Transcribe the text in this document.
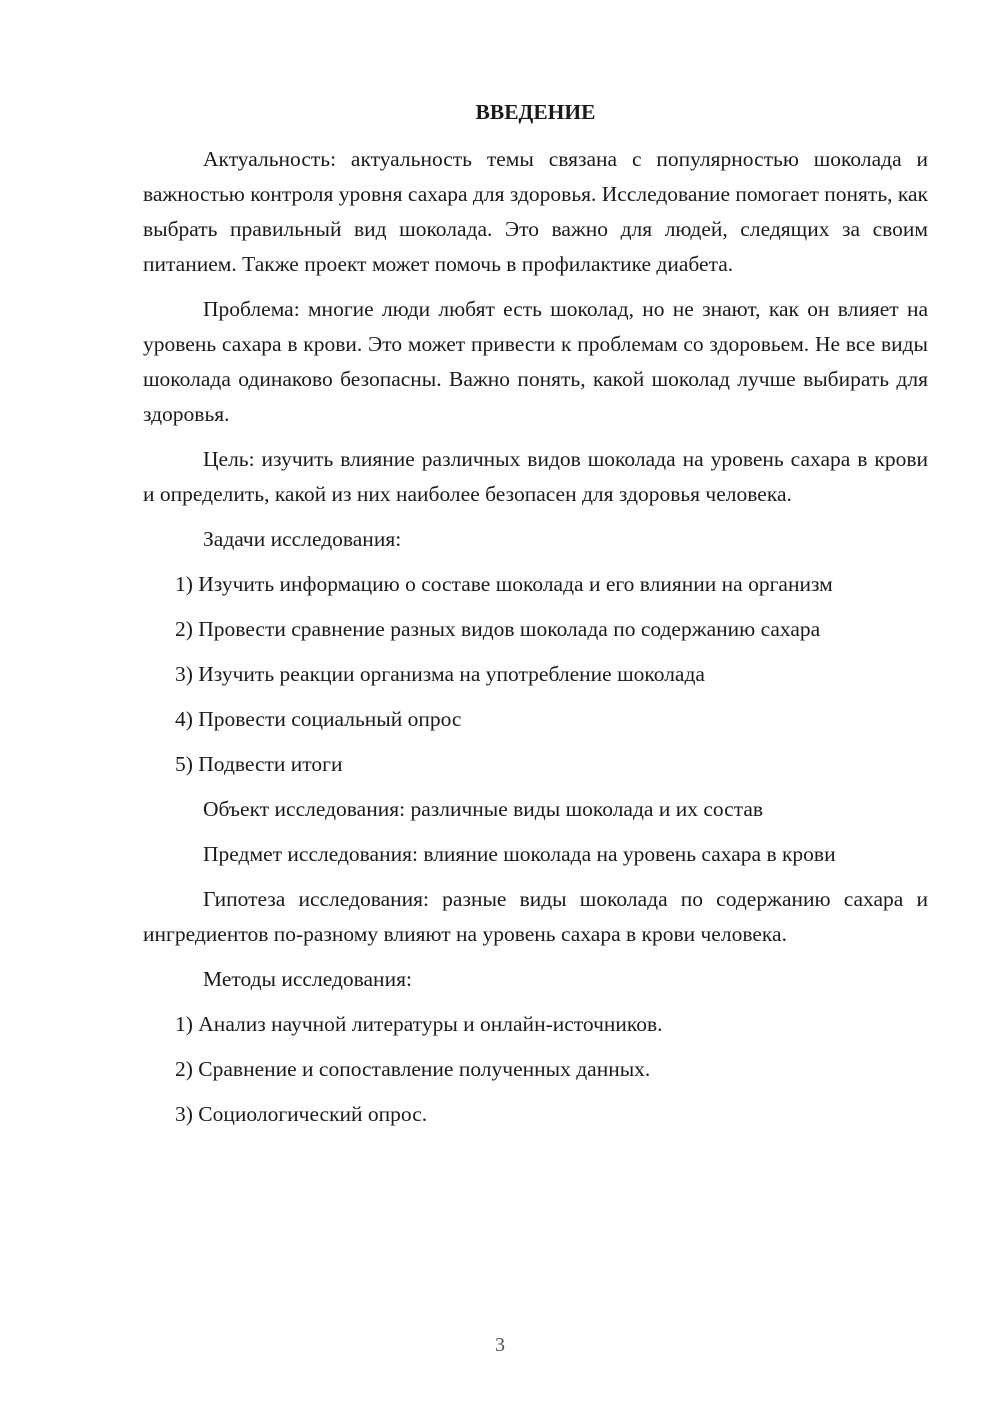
ВВЕДЕНИЕ

Актуальность: актуальность темы связана с популярностью шоколада и важностью контроля уровня сахара для здоровья. Исследование помогает понять, как выбрать правильный вид шоколада. Это важно для людей, следящих за своим питанием. Также проект может помочь в профилактике диабета.

Проблема: многие люди любят есть шоколад, но не знают, как он влияет на уровень сахара в крови. Это может привести к проблемам со здоровьем. Не все виды шоколада одинаково безопасны. Важно понять, какой шоколад лучше выбирать для здоровья.

Цель: изучить влияние различных видов шоколада на уровень сахара в крови и определить, какой из них наиболее безопасен для здоровья человека.

Задачи исследования:

1) Изучить информацию о составе шоколада и его влиянии на организм

2) Провести сравнение разных видов шоколада по содержанию сахара

3) Изучить реакции организма на употребление шоколада

4) Провести социальный опрос

5) Подвести итоги

Объект исследования: различные виды шоколада и их состав

Предмет исследования: влияние шоколада на уровень сахара в крови

Гипотеза исследования: разные виды шоколада по содержанию сахара и ингредиентов по-разному влияют на уровень сахара в крови человека.

Методы исследования:

1) Анализ научной литературы и онлайн-источников.

2) Сравнение и сопоставление полученных данных.

3) Социологический опрос.

3
